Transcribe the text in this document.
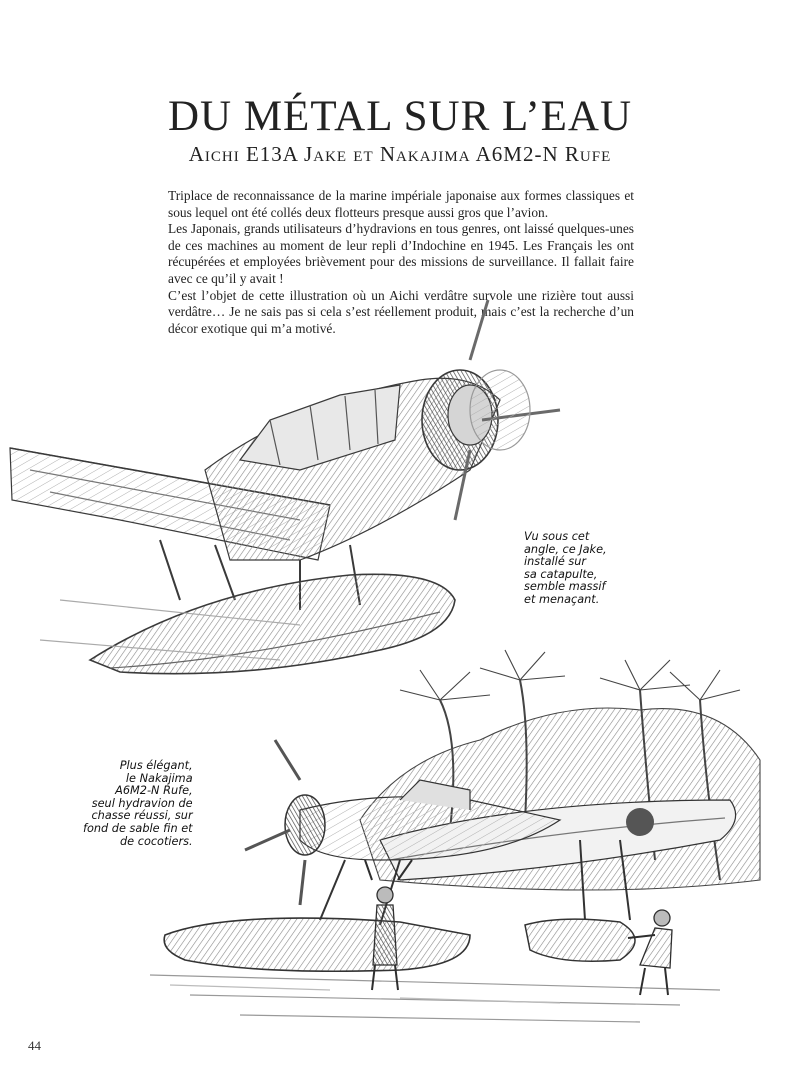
DU MÉTAL SUR L’EAU
Aichi E13A Jake et Nakajima A6M2-N Rufe

Triplace de reconnaissance de la marine impériale japonaise aux formes classiques et sous lequel ont été collés deux flotteurs presque aussi gros que l’avion.

Les Japonais, grands utilisateurs d’hydravions en tous genres, ont laissé quelques-unes de ces machines au moment de leur repli d’Indochine en 1945. Les Français les ont récupérées et employées brièvement pour des missions de surveillance. Il fallait faire avec ce qu’il y avait !

C’est l’objet de cette illustration où un Aichi verdâtre survole une rizière tout aussi verdâtre… Je ne sais pas si cela s’est réellement produit, mais c’est la recherche d’un décor exotique qui m’a motivé.

Vu sous cet
angle, ce Jake,
installé sur
sa catapulte,
semble massif
et menaçant.
Plus élégant,
le Nakajima
A6M2-N Rufe,
seul hydravion de
chasse réussi, sur
fond de sable fin et
de cocotiers.
44
